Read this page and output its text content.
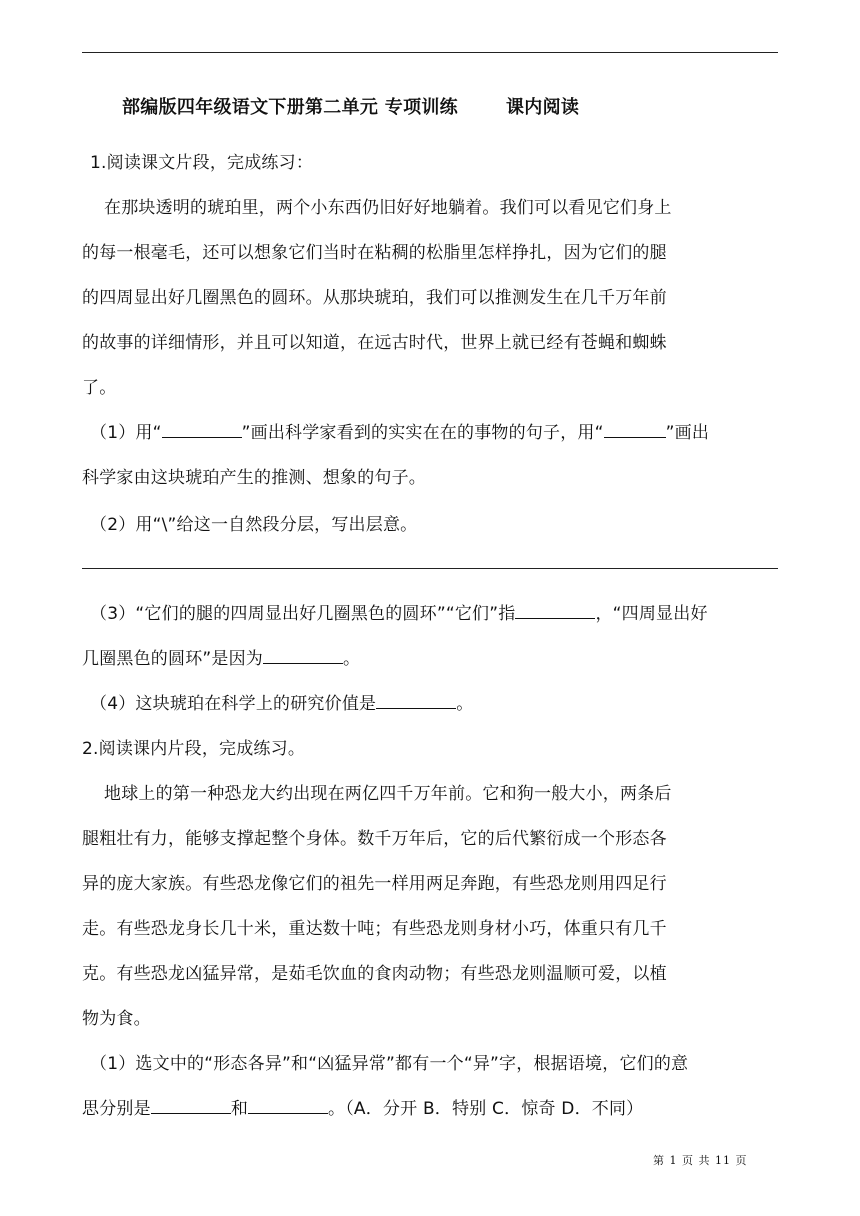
部编版四年级语文下册第二单元 专项训练	课内阅读
1.阅读课文片段，完成练习：
在那块透明的琥珀里，两个小东西仍旧好好地躺着。我们可以看见它们身上
的每一根毫毛，还可以想象它们当时在粘稠的松脂里怎样挣扎，因为它们的腿
的四周显出好几圈黑色的圆环。从那块琥珀，我们可以推测发生在几千万年前
的故事的详细情形，并且可以知道，在远古时代，世界上就已经有苍蝇和蜘蛛
了。
（1）用“	”画出科学家看到的实实在在的事物的句子，用“	”画出
科学家由这块琥珀产生的推测、想象的句子。
（2）用“\”给这一自然段分层，写出层意。
（3）“它们的腿的四周显出好几圈黑色的圆环”“它们”指	，“四周显出好
几圈黑色的圆环”是因为	。
（4）这块琥珀在科学上的研究价值是	。
2.阅读课内片段，完成练习。
地球上的第一种恐龙大约出现在两亿四千万年前。它和狗一般大小，两条后
腿粗壮有力，能够支撑起整个身体。数千万年后，它的后代繁衍成一个形态各
异的庞大家族。有些恐龙像它们的祖先一样用两足奔跑，有些恐龙则用四足行
走。有些恐龙身长几十米，重达数十吨；有些恐龙则身材小巧，体重只有几千
克。有些恐龙凶猛异常，是茹毛饮血的食肉动物；有些恐龙则温顺可爱，以植
物为食。
（1）选文中的“形态各异”和“凶猛异常”都有一个“异”字，根据语境，它们的意
思分别是	和	。（A．分开 B．特别 C．惊奇 D．不同）
第 1 页 共 11 页
